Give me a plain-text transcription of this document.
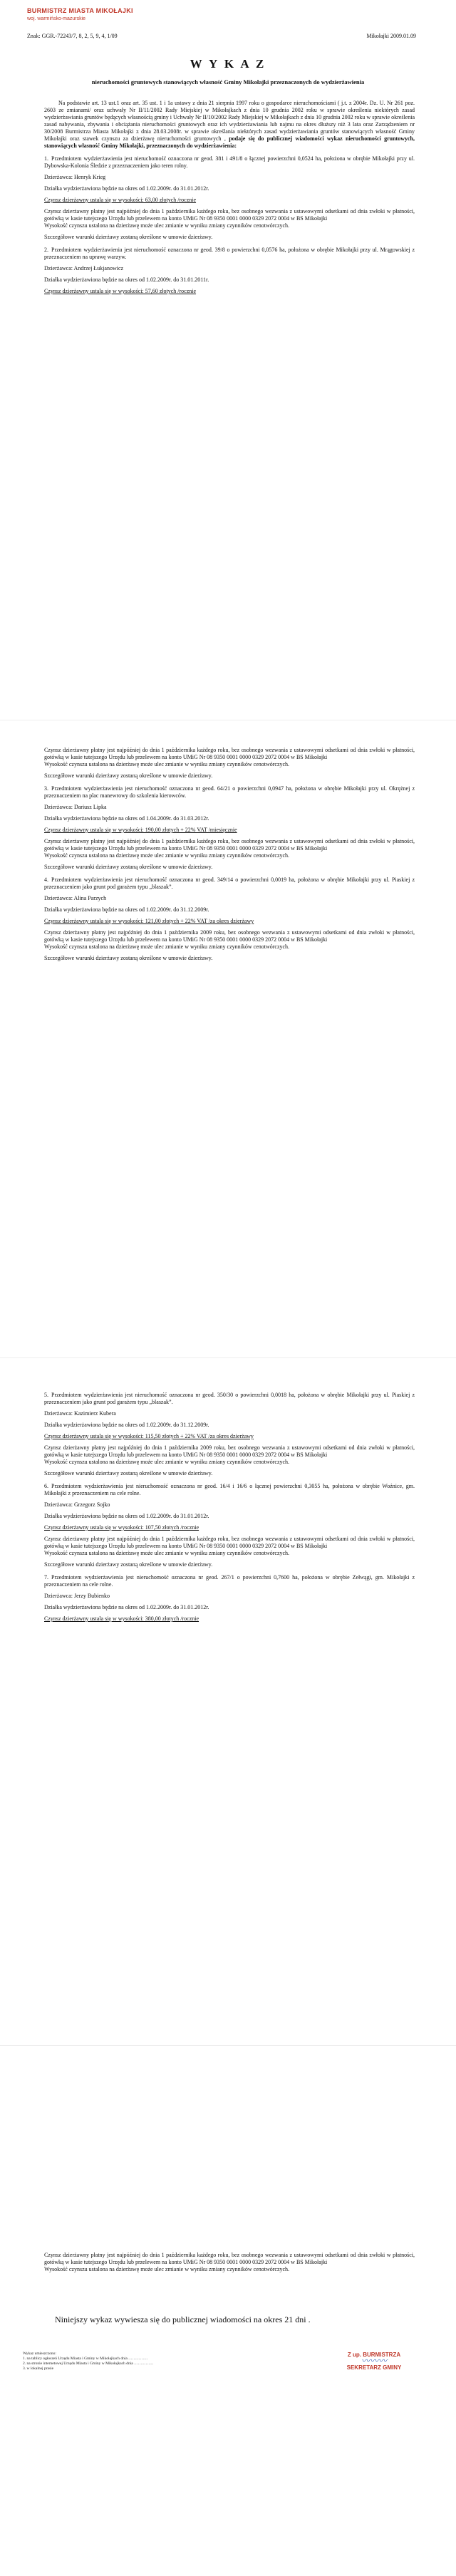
BURMISTRZ MIASTA MIKOŁAJKI
woj. warmińsko-mazurskie
Znak: GGR.-72243/7, 8, 2, 5, 9, 4, 1/09	Mikołajki 2009.01.09
W Y K A Z
nieruchomości gruntowych stanowiących własność Gminy Mikołajki przeznaczonych do wydzierżawienia

Na podstawie art. 13 ust.1 oraz art. 35 ust. 1 i 1a ustawy z dnia 21 sierpnia 1997 roku o gospodarce nieruchomościami ( j.t. z 2004r. Dz. U. Nr 261 poz. 2603 ze zmianami/ oraz uchwały Nr II/11/2002 Rady Miejskiej w Mikołajkach z dnia 10 grudnia 2002 roku w sprawie określenia niektórych zasad wydzierżawiania gruntów będących własnością gminy i Uchwały Nr II/10/2002 Rady Miejskiej w Mikołajkach z dnia 10 grudnia 2002 roku w sprawie określenia zasad nabywania, zbywania i obciążania nieruchomości gruntowych oraz ich wydzierżawiania lub najmu na okres dłuższy niż 3 lata oraz Zarządzeniem nr 30/2008 Burmistrza Miasta Mikołajki z dnia 28.03.2008r. w sprawie określania niektórych zasad wydzierżawiania gruntów stanowiących własność Gminy Mikołajki oraz stawek czynszu za dzierżawę nieruchomości gruntowych , podaje się do publicznej wiadomości wykaz nieruchomości gruntowych, stanowiących własność Gminy Mikołajki, przeznaczonych do wydzierżawienia:

1. Przedmiotem wydzierżawienia jest nieruchomość oznaczona nr geod. 381 i 491/8 o łącznej powierzchni 0,0524 ha, położona w obrębie Mikołajki przy ul. Dybowska-Kolonia Śledzie z przeznaczeniem jako teren rolny.

Dzierżawca: Henryk Krieg

Działka wydzierżawiona będzie na okres od 1.02.2009r. do 31.01.2012r.

Czynsz dzierżawny ustala się w wysokości: 63,00 złotych /rocznie

Czynsz dzierżawny płatny jest najpóźniej do dnia 1 października każdego roku, bez osobnego wezwania z ustawowymi odsetkami od dnia zwłoki w płatności, gotówką w kasie tutejszego Urzędu lub przelewem na konto UMiG Nr 08 9350 0001 0000 0329 2072 0004 w BS Mikołajki
Wysokość czynszu ustalona na dzierżawę może ulec zmianie w wyniku zmiany czynników cenotwórczych.

Szczegółowe warunki dzierżawy zostaną określone w umowie dzierżawy.

2. Przedmiotem wydzierżawienia jest nieruchomość oznaczona nr geod. 39/8 o powierzchni 0,0576 ha, położona w obrębie Mikołajki przy ul. Mrągowskiej z przeznaczeniem na uprawę warzyw.

Dzierżawca: Andrzej Łukjanowicz

Działka wydzierżawiona będzie na okres od 1.02.2009r. do 31.01.2011r.

Czynsz dzierżawny ustala się w wysokości: 57,60 złotych /rocznie

Czynsz dzierżawny płatny jest najpóźniej do dnia 1 października każdego roku, bez osobnego wezwania z ustawowymi odsetkami od dnia zwłoki w płatności, gotówką w kasie tutejszego Urzędu lub przelewem na konto UMiG Nr 08 9350 0001 0000 0329 2072 0004 w BS Mikołajki
Wysokość czynszu ustalona na dzierżawę może ulec zmianie w wyniku zmiany czynników cenotwórczych.

Szczegółowe warunki dzierżawy zostaną określone w umowie dzierżawy.

3. Przedmiotem wydzierżawienia jest nieruchomość oznaczona nr geod. 64/21 o powierzchni 0,0947 ha, położona w obrębie Mikołajki przy ul. Okrężnej z przeznaczeniem na plac manewrowy do szkolenia kierowców.

Dzierżawca: Dariusz Lipka

Działka wydzierżawiona będzie na okres od 1.04.2009r. do 31.03.2012r.

Czynsz dzierżawny ustala się w wysokości: 190,00 złotych + 22% VAT /miesięcznie

Czynsz dzierżawny płatny jest najpóźniej do dnia 1 października każdego roku, bez osobnego wezwania z ustawowymi odsetkami od dnia zwłoki w płatności, gotówką w kasie tutejszego Urzędu lub przelewem na konto UMiG Nr 08 9350 0001 0000 0329 2072 0004 w BS Mikołajki
Wysokość czynszu ustalona na dzierżawę może ulec zmianie w wyniku zmiany czynników cenotwórczych.

Szczegółowe warunki dzierżawy zostaną określone w umowie dzierżawy.

4. Przedmiotem wydzierżawienia jest nieruchomość oznaczona nr geod. 349/14 o powierzchni 0,0019 ha, położona w obrębie Mikołajki przy ul. Piaskiej z przeznaczeniem jako grunt pod garażem typu „blaszak”.

Dzierżawca: Alina Parzych

Działka wydzierżawiona będzie na okres od 1.02.2009r. do 31.12.2009r.

Czynsz dzierżawny ustala się w wysokości: 121,00 złotych + 22% VAT /za okres dzierżawy

Czynsz dzierżawny płatny jest najpóźniej do dnia 1 października 2009 roku, bez osobnego wezwania z ustawowymi odsetkami od dnia zwłoki w płatności, gotówką w kasie tutejszego Urzędu lub przelewem na konto UMiG Nr 08 9350 0001 0000 0329 2072 0004 w BS Mikołajki
Wysokość czynszu ustalona na dzierżawę może ulec zmianie w wyniku zmiany czynników cenotwórczych.

Szczegółowe warunki dzierżawy zostaną określone w umowie dzierżawy.

5. Przedmiotem wydzierżawienia jest nieruchomość oznaczona nr geod. 350/30 o powierzchni 0,0018 ha, położona w obrębie Mikołajki przy ul. Piaskiej z przeznaczeniem jako grunt pod garażem typu „blaszak”.

Dzierżawca: Kazimierz Kubera

Działka wydzierżawiona będzie na okres od 1.02.2009r. do 31.12.2009r.

Czynsz dzierżawny ustala się w wysokości: 115,50 złotych + 22% VAT /za okres dzierżawy

Czynsz dzierżawny płatny jest najpóźniej do dnia 1 października 2009 roku, bez osobnego wezwania z ustawowymi odsetkami od dnia zwłoki w płatności, gotówką w kasie tutejszego Urzędu lub przelewem na konto UMiG Nr 08 9350 0001 0000 0329 2072 0004 w BS Mikołajki
Wysokość czynszu ustalona na dzierżawę może ulec zmianie w wyniku zmiany czynników cenotwórczych.

Szczegółowe warunki dzierżawy zostaną określone w umowie dzierżawy.

6. Przedmiotem wydzierżawienia jest nieruchomość oznaczona nr geod. 16/4 i 16/6 o łącznej powierzchni 0,3055 ha, położona w obrębie Woźnice, gm. Mikołajki z przeznaczeniem na cele rolne.

Dzierżawca: Grzegorz Sojko

Działka wydzierżawiona będzie na okres od 1.02.2009r. do 31.01.2012r.

Czynsz dzierżawny ustala się w wysokości: 107,50 złotych /rocznie

Czynsz dzierżawny płatny jest najpóźniej do dnia 1 października każdego roku, bez osobnego wezwania z ustawowymi odsetkami od dnia zwłoki w płatności, gotówką w kasie tutejszego Urzędu lub przelewem na konto UMiG Nr 08 9350 0001 0000 0329 2072 0004 w BS Mikołajki
Wysokość czynszu ustalona na dzierżawę może ulec zmianie w wyniku zmiany czynników cenotwórczych.

Szczegółowe warunki dzierżawy zostaną określone w umowie dzierżawy.

7. Przedmiotem wydzierżawienia jest nieruchomość oznaczona nr geod. 267/1 o powierzchni 0,7600 ha, położona w obrębie Zełwągi, gm. Mikołajki z przeznaczeniem na cele rolne.

Dzierżawca: Jerzy Bubienko

Działka wydzierżawiona będzie na okres od 1.02.2009r. do 31.01.2012r.

Czynsz dzierżawny ustala się w wysokości: 380,00 złotych /rocznie

Czynsz dzierżawny płatny jest najpóźniej do dnia 1 października każdego roku, bez osobnego wezwania z ustawowymi odsetkami od dnia zwłoki w płatności, gotówką w kasie tutejszego Urzędu lub przelewem na konto UMiG Nr 08 9350 0001 0000 0329 2072 0004 w BS Mikołajki
Wysokość czynszu ustalona na dzierżawę może ulec zmianie w wyniku zmiany czynników cenotwórczych.

Niniejszy wykaz wywiesza się do publicznej wiadomości na okres 21 dni .
Wykaz umieszczono:
1. na tablicy ogłoszeń Urzędu Miasta i Gminy w Mikołajkach dnia ……………
2. na stronie internetowej Urzędu Miasta i Gminy w Mikołajkach dnia ……………
3. w lokalnej prasie
Z up. BURMISTRZA
〰〰〰
SEKRETARZ GMINY
